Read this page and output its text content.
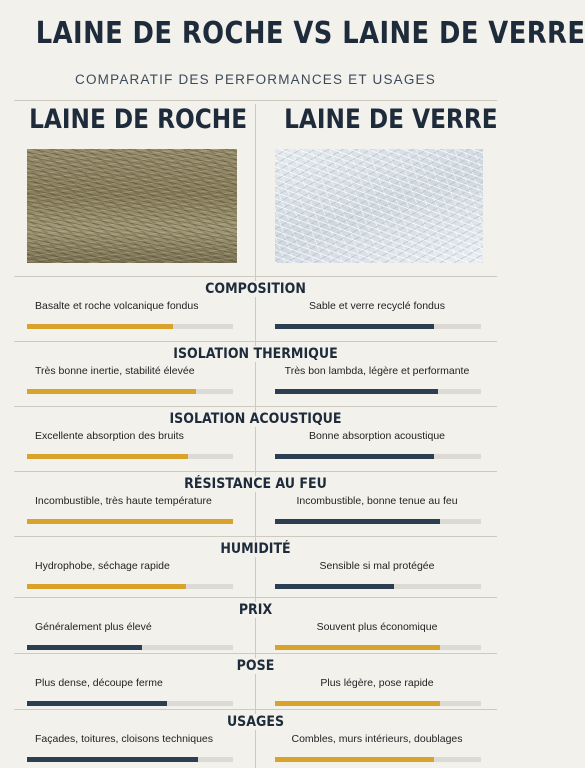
LAINE DE ROCHE VS LAINE DE VERRE
COMPARATIF DES PERFORMANCES ET USAGES
LAINE DE ROCHE LAINE DE VERRE
COMPOSITION
Basalte et roche volcanique fondus	Sable et verre recyclé fondus
ISOLATION THERMIQUE
Très bonne inertie, stabilité élevée	Très bon lambda, légère et performante
ISOLATION ACOUSTIQUE
Excellente absorption des bruits	Bonne absorption acoustique
RÉSISTANCE AU FEU
Incombustible, très haute température	Incombustible, bonne tenue au feu
HUMIDITÉ
Hydrophobe, séchage rapide	Sensible si mal protégée
PRIX
Généralement plus élevé	Souvent plus économique
POSE
Plus dense, découpe ferme	Plus légère, pose rapide
USAGES
Façades, toitures, cloisons techniques	Combles, murs intérieurs, doublages
